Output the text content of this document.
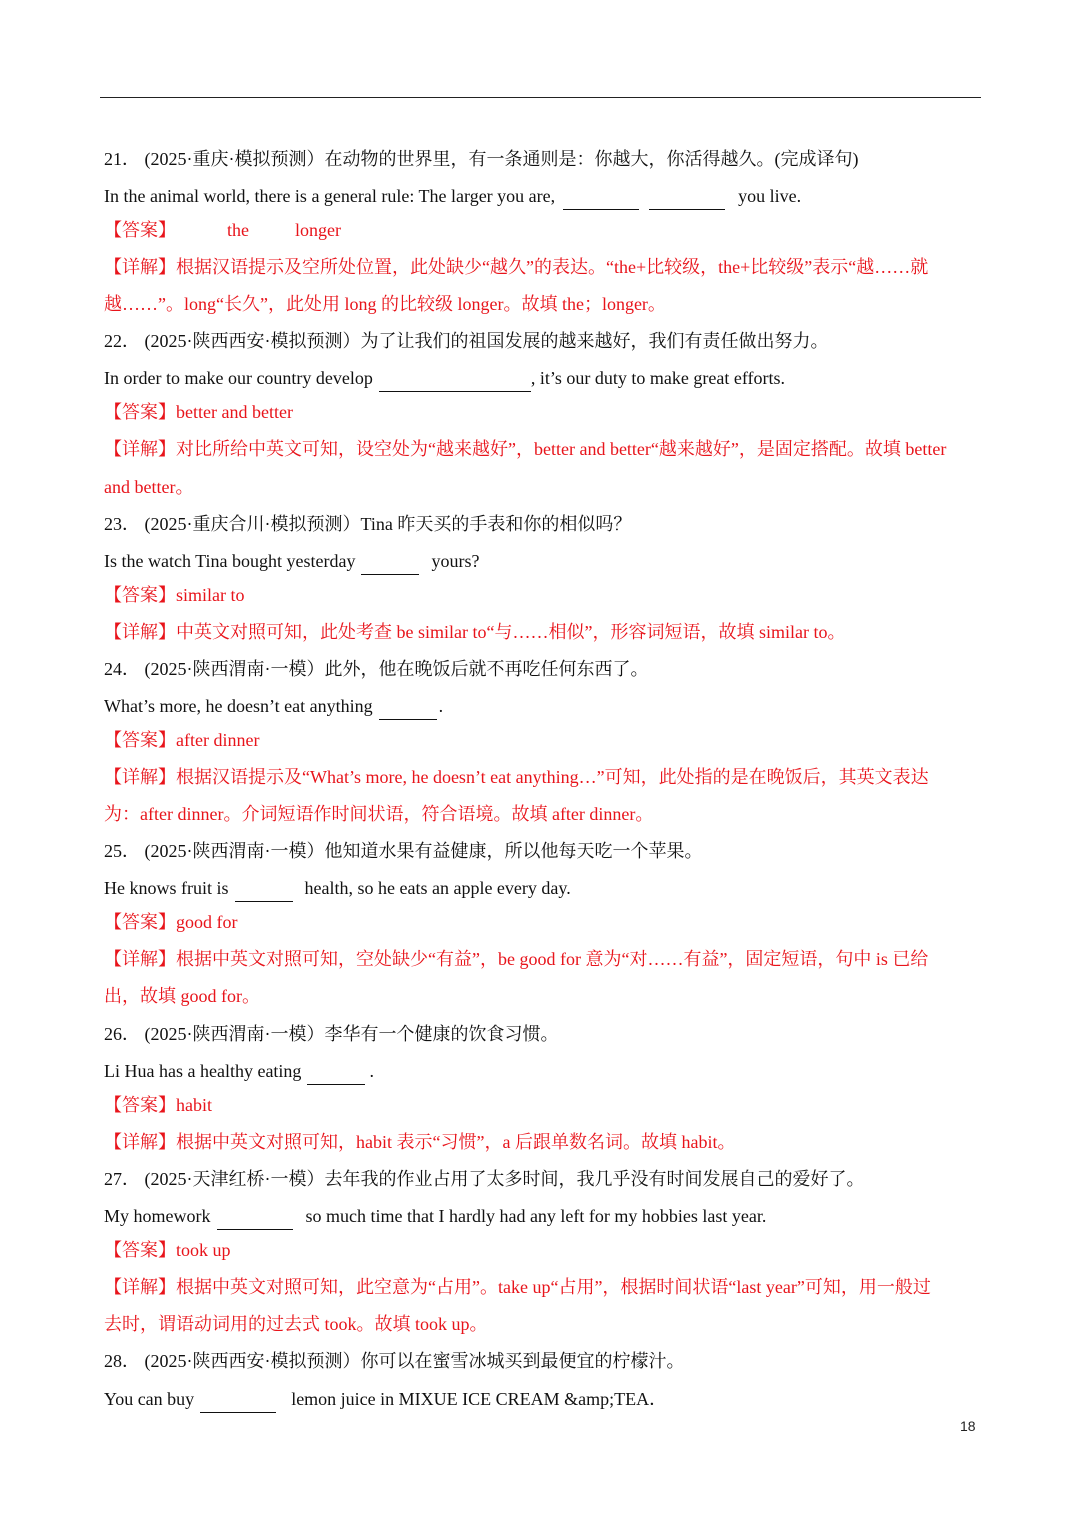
21． (2025·重庆·模拟预测）在动物的世界里，有一条通则是：你越大，你活得越久。(完成译句)
In the animal world, there is a general rule: The larger you are,	you live.
【答案】	the	longer
【详解】根据汉语提示及空所处位置，此处缺少“越久”的表达。“the+比较级，the+比较级”表示“越……就
越……”。long“长久”，此处用 long 的比较级 longer。故填 the；longer。
22． (2025·陕西西安·模拟预测）为了让我们的祖国发展的越来越好，我们有责任做出努力。
In order to make our country develop	, it’s our duty to make great efforts.
【答案】better and better
【详解】对比所给中英文可知，设空处为“越来越好”，better and better“越来越好”，是固定搭配。故填 better
and better。
23． (2025·重庆合川·模拟预测）Tina 昨天买的手表和你的相似吗？
Is the watch Tina bought yesterday	yours?
【答案】similar to
【详解】中英文对照可知，此处考查 be similar to“与……相似”，形容词短语，故填 similar to。
24． (2025·陕西渭南·一模）此外，他在晚饭后就不再吃任何东西了。
What’s more, he doesn’t eat anything	.
【答案】after dinner
【详解】根据汉语提示及“What’s more, he doesn’t eat anything…”可知，此处指的是在晚饭后，其英文表达
为：after dinner。介词短语作时间状语，符合语境。故填 after dinner。
25． (2025·陕西渭南·一模）他知道水果有益健康，所以他每天吃一个苹果。
He knows fruit is	health, so he eats an apple every day.
【答案】good for
【详解】根据中英文对照可知，空处缺少“有益”，be good for 意为“对……有益”，固定短语，句中 is 已给
出，故填 good for。
26． (2025·陕西渭南·一模）李华有一个健康的饮食习惯。
Li Hua has a healthy eating	.
【答案】habit
【详解】根据中英文对照可知，habit 表示“习惯”，a 后跟单数名词。故填 habit。
27． (2025·天津红桥·一模）去年我的作业占用了太多时间，我几乎没有时间发展自己的爱好了。
My homework	so much time that I hardly had any left for my hobbies last year.
【答案】took up
【详解】根据中英文对照可知，此空意为“占用”。take up“占用”，根据时间状语“last year”可知，用一般过
去时，谓语动词用的过去式 took。故填 took up。
28． (2025·陕西西安·模拟预测）你可以在蜜雪冰城买到最便宜的柠檬汁。
You can buy	lemon juice in MIXUE ICE CREAM &amp;TEA．
18
